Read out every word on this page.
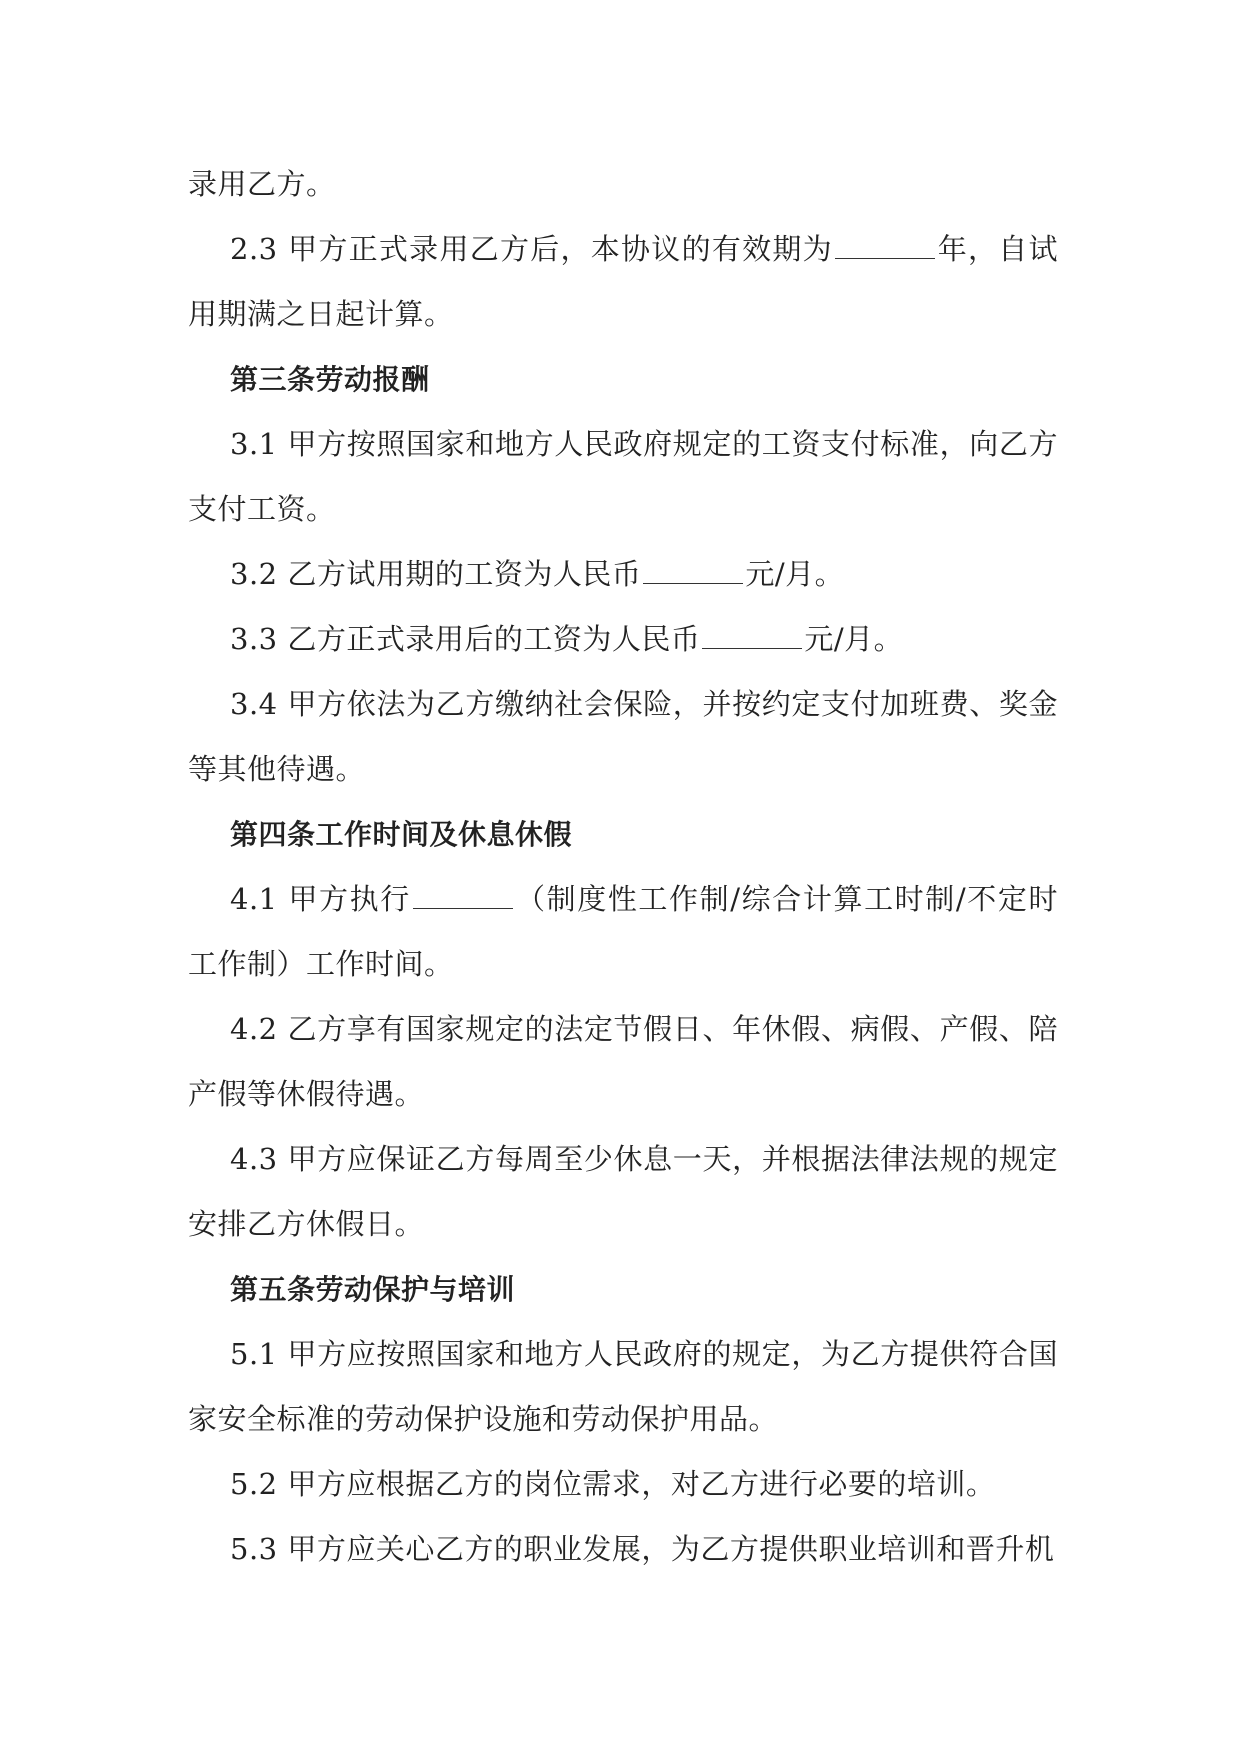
录用乙方。

2.3 甲方正式录用乙方后，本协议的有效期为	年，自试用期满之日起计算。

第三条劳动报酬

3.1 甲方按照国家和地方人民政府规定的工资支付标准，向乙方支付工资。

3.2 乙方试用期的工资为人民币	元/月。

3.3 乙方正式录用后的工资为人民币	元/月。

3.4 甲方依法为乙方缴纳社会保险，并按约定支付加班费、奖金等其他待遇。

第四条工作时间及休息休假

4.1 甲方执行	（制度性工作制/综合计算工时制/不定时工作制）工作时间。

4.2 乙方享有国家规定的法定节假日、年休假、病假、产假、陪产假等休假待遇。

4.3 甲方应保证乙方每周至少休息一天，并根据法律法规的规定安排乙方休假日。

第五条劳动保护与培训

5.1 甲方应按照国家和地方人民政府的规定，为乙方提供符合国家安全标准的劳动保护设施和劳动保护用品。

5.2 甲方应根据乙方的岗位需求，对乙方进行必要的培训。

5.3 甲方应关心乙方的职业发展，为乙方提供职业培训和晋升机
